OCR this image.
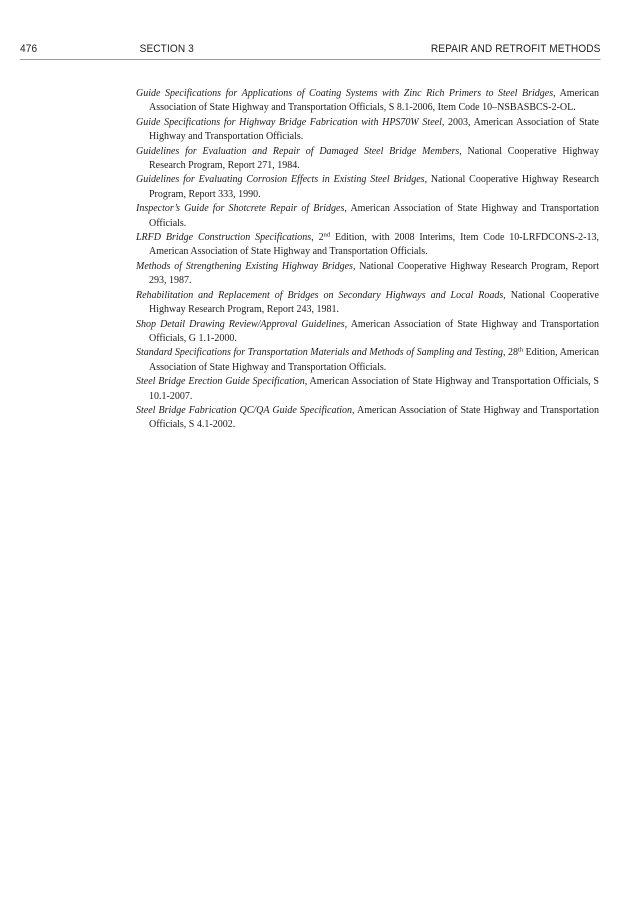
476	SECTION 3	REPAIR AND RETROFIT METHODS

Guide Specifications for Applications of Coating Systems with Zinc Rich Primers to Steel Bridges, American Association of State Highway and Transportation Officials, S 8.1-2006, Item Code 10–NSBASBCS-2-OL.

Guide Specifications for Highway Bridge Fabrication with HPS70W Steel, 2003, American Association of State Highway and Transportation Officials.

Guidelines for Evaluation and Repair of Damaged Steel Bridge Members, National Cooperative Highway Research Program, Report 271, 1984.

Guidelines for Evaluating Corrosion Effects in Existing Steel Bridges, National Cooperative Highway Research Program, Report 333, 1990.

Inspector’s Guide for Shotcrete Repair of Bridges, American Association of State Highway and Transportation Officials.

LRFD Bridge Construction Specifications, 2nd Edition, with 2008 Interims, Item Code 10-LRFDCONS-2-13, American Association of State Highway and Transportation Officials.

Methods of Strengthening Existing Highway Bridges, National Cooperative Highway Research Program, Report 293, 1987.

Rehabilitation and Replacement of Bridges on Secondary Highways and Local Roads, National Cooperative Highway Research Program, Report 243, 1981.

Shop Detail Drawing Review/Approval Guidelines, American Association of State Highway and Transportation Officials, G 1.1-2000.

Standard Specifications for Transportation Materials and Methods of Sampling and Testing, 28th Edition, American Association of State Highway and Transportation Officials.

Steel Bridge Erection Guide Specification, American Association of State Highway and Transportation Officials, S 10.1-2007.

Steel Bridge Fabrication QC/QA Guide Specification, American Association of State Highway and Transportation Officials, S 4.1-2002.
